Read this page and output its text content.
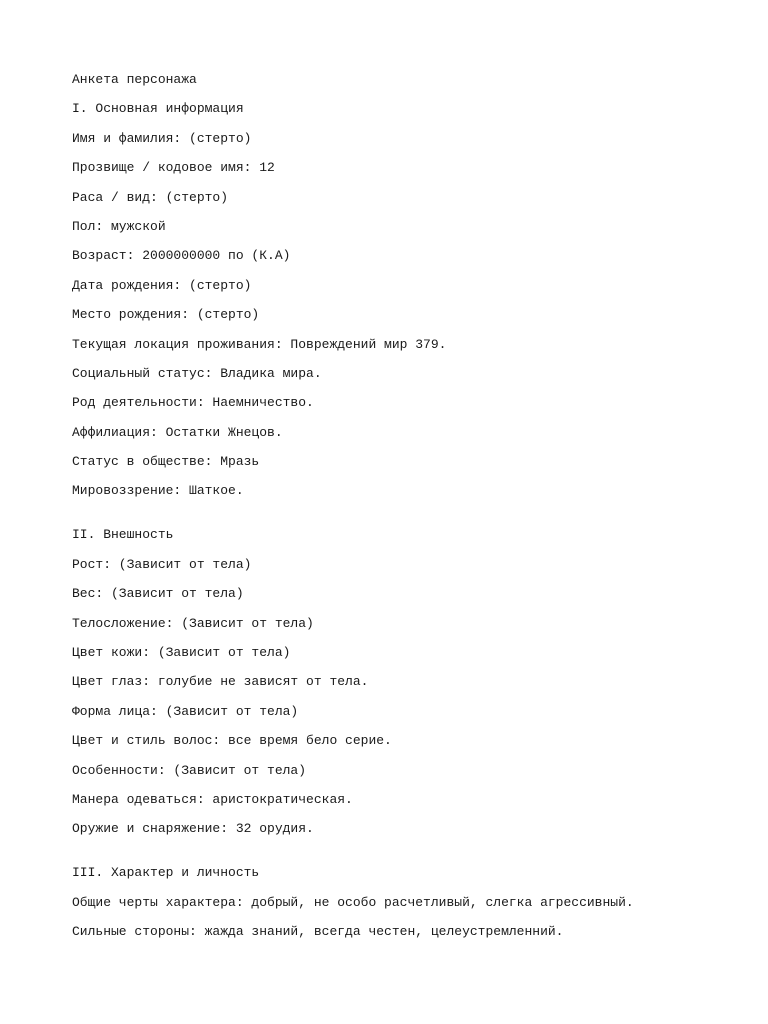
Анкета персонажа
I. Основная информация
Имя и фамилия: (стерто)
Прозвище / кодовое имя: 12
Раса / вид: (стерто)
Пол: мужской
Возраст: 2000000000 по (К.А)
Дата рождения: (стерто)
Место рождения: (стерто)
Текущая локация проживания: Повреждений мир 379.
Социальный статус: Владика мира.
Род деятельности: Наемничество.
Аффилиация: Остатки Жнецов.
Статус в обществе: Мразь
Мировоззрение: Шаткое.
II. Внешность
Рост: (Зависит от тела)
Вес: (Зависит от тела)
Телосложение: (Зависит от тела)
Цвет кожи: (Зависит от тела)
Цвет глаз: голубие не зависят от тела.
Форма лица: (Зависит от тела)
Цвет и стиль волос: все время бело серие.
Особенности: (Зависит от тела)
Манера одеваться: аристократическая.
Оружие и снаряжение: 32 орудия.
III. Характер и личность
Общие черты характера: добрый, не особо расчетливый, слегка агрессивный.
Сильные стороны: жажда знаний, всегда честен, целеустремленний.
